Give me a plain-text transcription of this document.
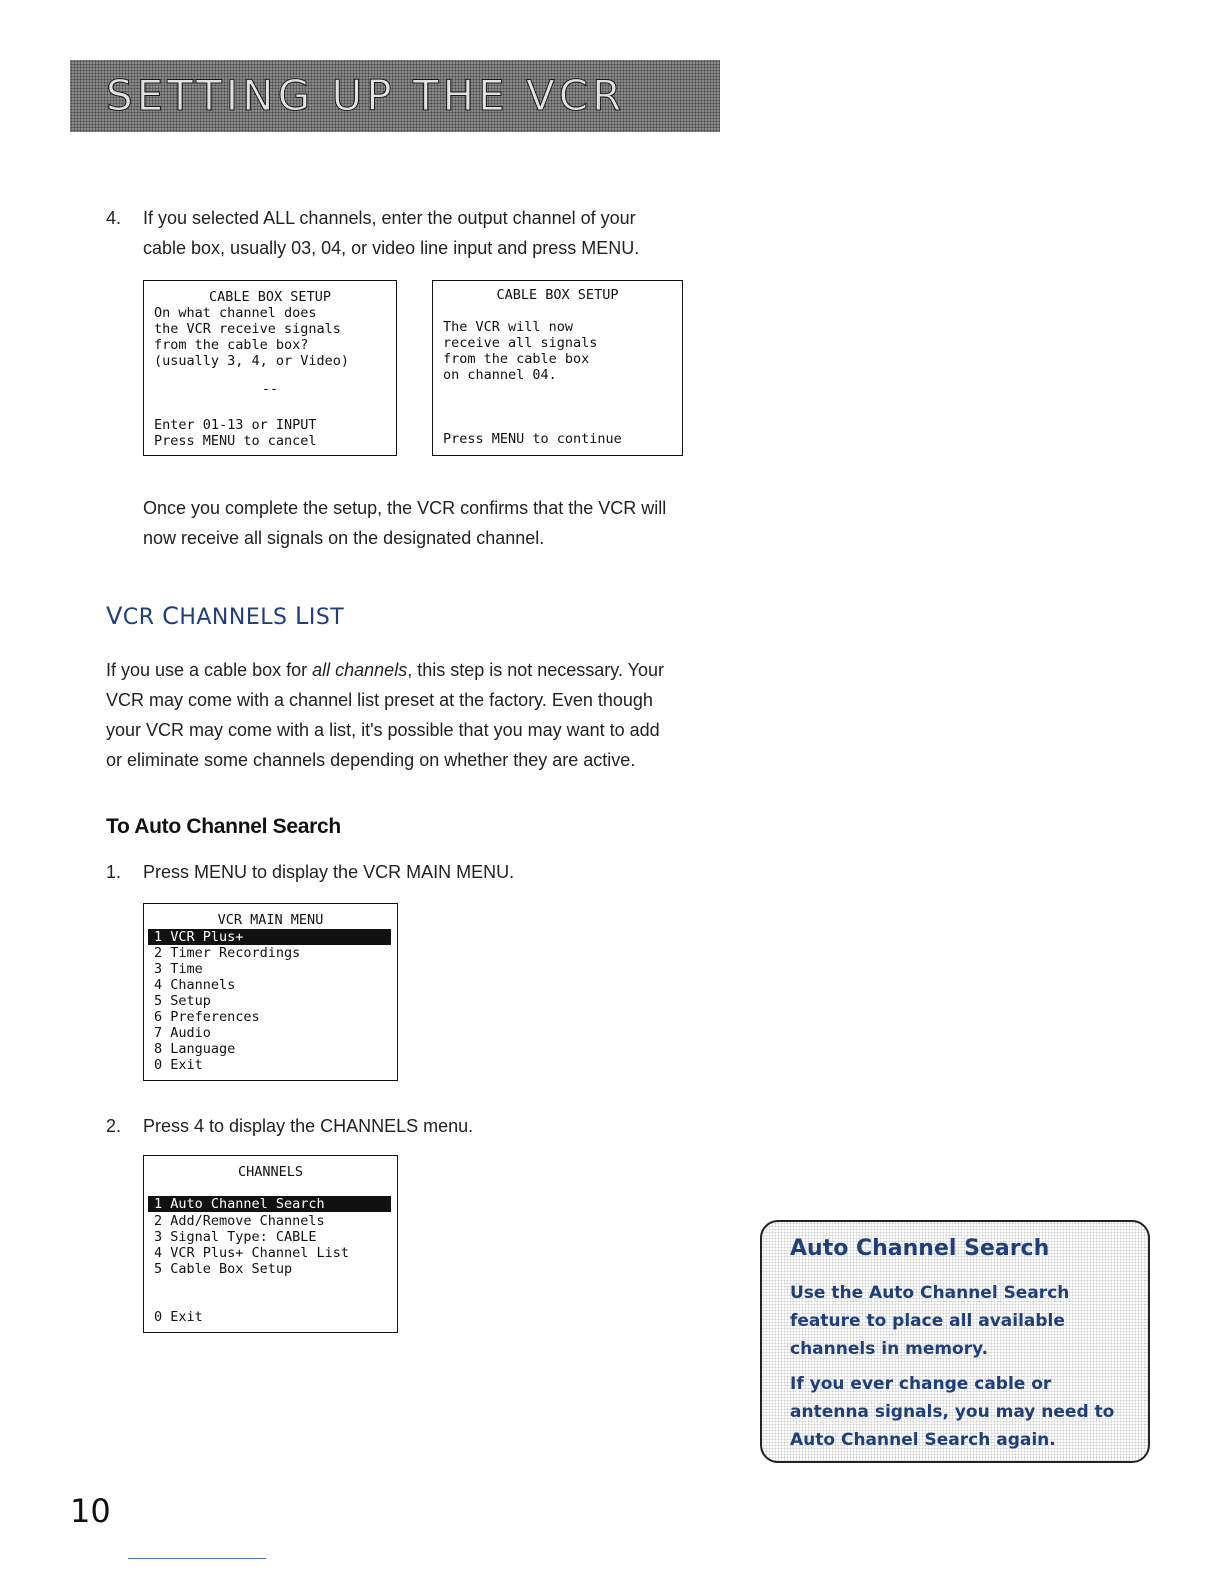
SETTING UP THE VCR
4. If you selected ALL channels, enter the output channel of your

cable box, usually 03, 04, or video line input and press MENU.

CABLE BOX SETUP
On what channel does
the VCR receive signals
from the cable box?
(usually 3, 4, or Video)
--
Enter 01-13 or INPUT
Press MENU to cancel
CABLE BOX SETUP
The VCR will now
receive all signals
from the cable box
on channel 04.
Press MENU to continue

Once you complete the setup, the VCR confirms that the VCR will

now receive all signals on the designated channel.

VCR CHANNELS LIST

If you use a cable box for all channels, this step is not necessary. Your

VCR may come with a channel list preset at the factory. Even though

your VCR may come with a list, it's possible that you may want to add

or eliminate some channels depending on whether they are active.

To Auto Channel Search
1. Press MENU to display the VCR MAIN MENU.

VCR MAIN MENU
1 VCR Plus+
2 Timer Recordings
3 Time
4 Channels
5 Setup
6 Preferences
7 Audio
8 Language
0 Exit
2. Press 4 to display the CHANNELS menu.

CHANNELS
1 Auto Channel Search
2 Add/Remove Channels
3 Signal Type: CABLE
4 VCR Plus+ Channel List
5 Cable Box Setup
0 Exit
Auto Channel Search

Use the Auto Channel Search feature to place all available channels in memory.

If you ever change cable or antenna signals, you may need to Auto Channel Search again.

10
